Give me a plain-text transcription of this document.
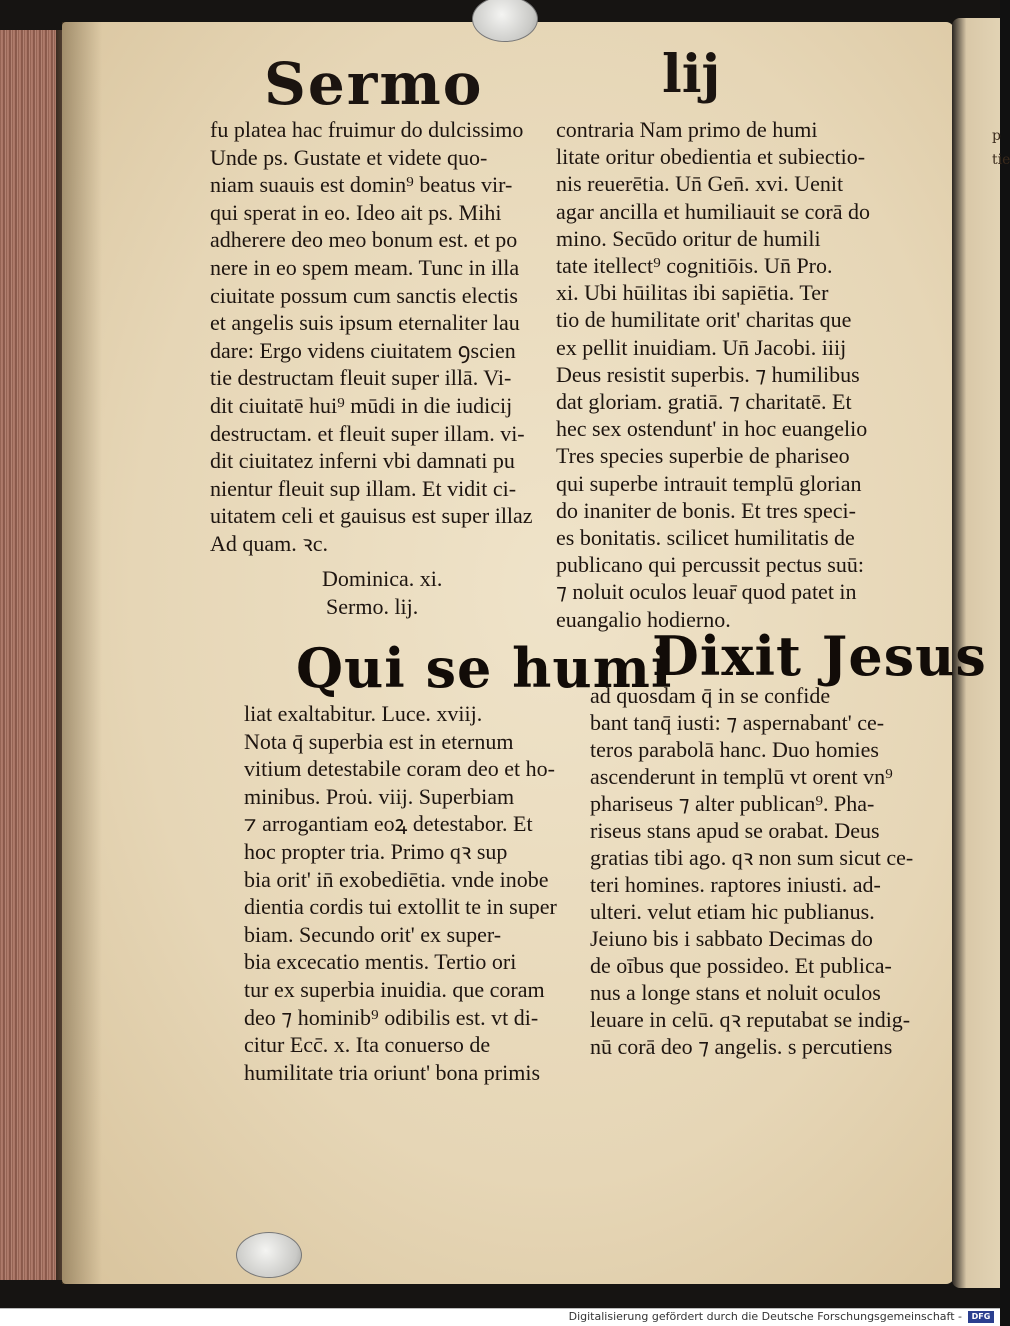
p
tie
Sermo	lij
fu platea hac fruimur do dulcissimo
Unde ps. Gustate et videte quo-
niam suauis est domin⁹ beatus vir-
qui sperat in eo. Ideo ait ps. Mihi
adherere deo meo bonum est. et po
nere in eo spem meam. Tunc in illa
ciuitate possum cum sanctis electis
et angelis suis ipsum eternaliter lau
dare: Ergo videns ciuitatem ꝯscien
tie destructam fleuit super illā. Vi-
dit ciuitatē hui⁹ mūdi in die iudicij
destructam. et fleuit super illam. vi-
dit ciuitatez inferni vbi damnati pu
nientur fleuit sup illam. Et vidit ci-
uitatem celi et gauisus est super illaz
Ad quam. ꝛc.
contraria Nam primo de humi
litate oritur obedientia et subiectio-
nis reuerētia. Un̄ Gen̄. xvi. Uenit
agar ancilla et humiliauit se corā do
mino. Secūdo oritur de humili
tate itellect⁹ cognitiōis. Un̄ Pro.
xi. Ubi hūilitas ibi sapiētia. Ter
tio de humilitate orit' charitas que
ex pellit inuidiam. Un̄ Jacobi. iiij
Deus resistit superbis. ⁊ humilibus
dat gloriam. gratiā. ⁊ charitatē. Et
hec sex ostendunt' in hoc euangelio
Tres species superbie de phariseo
qui superbe intrauit templū glorian
do inaniter de bonis. Et tres speci-
es bonitatis. scilicet humilitatis de
publicano qui percussit pectus suū:
⁊ noluit oculos leuar̄ quod patet in
euangalio hodierno.
Dominica. xi.
Sermo. lij.
Qui se humi
Dixit Jesus
liat exaltabitur. Luce. xviij.
Nota q̄ superbia est in eternum
vitium detestabile coram deo et ho-
minibus. Prou̇. viij. Superbiam
⁊ arrogantiam eoꝝ detestabor. Et
hoc propter tria. Primo qꝛ sup
bia orit' in̄ exobediētia. vnde inobe
dientia cordis tui extollit te in super
biam. Secundo orit' ex super-
bia excecatio mentis. Tertio ori
tur ex superbia inuidia. que coram
deo ⁊ hominib⁹ odibilis est. vt di-
citur Ecc̄. x. Ita conuerso de
humilitate tria oriunt' bona primis
ad quosdam q̄ in se confide
bant tanq̄ iusti: ⁊ aspernabant' ce-
teros parabolā hanc. Duo homies
ascenderunt in templū vt orent vn⁹
phariseus ⁊ alter publican⁹. Pha-
riseus stans apud se orabat. Deus
gratias tibi ago. qꝛ non sum sicut ce-
teri homines. raptores iniusti. ad-
ulteri. velut etiam hic publianus.
Jeiuno bis i sabbato Decimas do
de oībus que possideo. Et publica-
nus a longe stans et noluit oculos
leuare in celū. qꝛ reputabat se indig-
nū corā deo ⁊ angelis. s percutiens
Digitalisierung gefördert durch die Deutsche Forschungsgemeinschaft -	DFG
